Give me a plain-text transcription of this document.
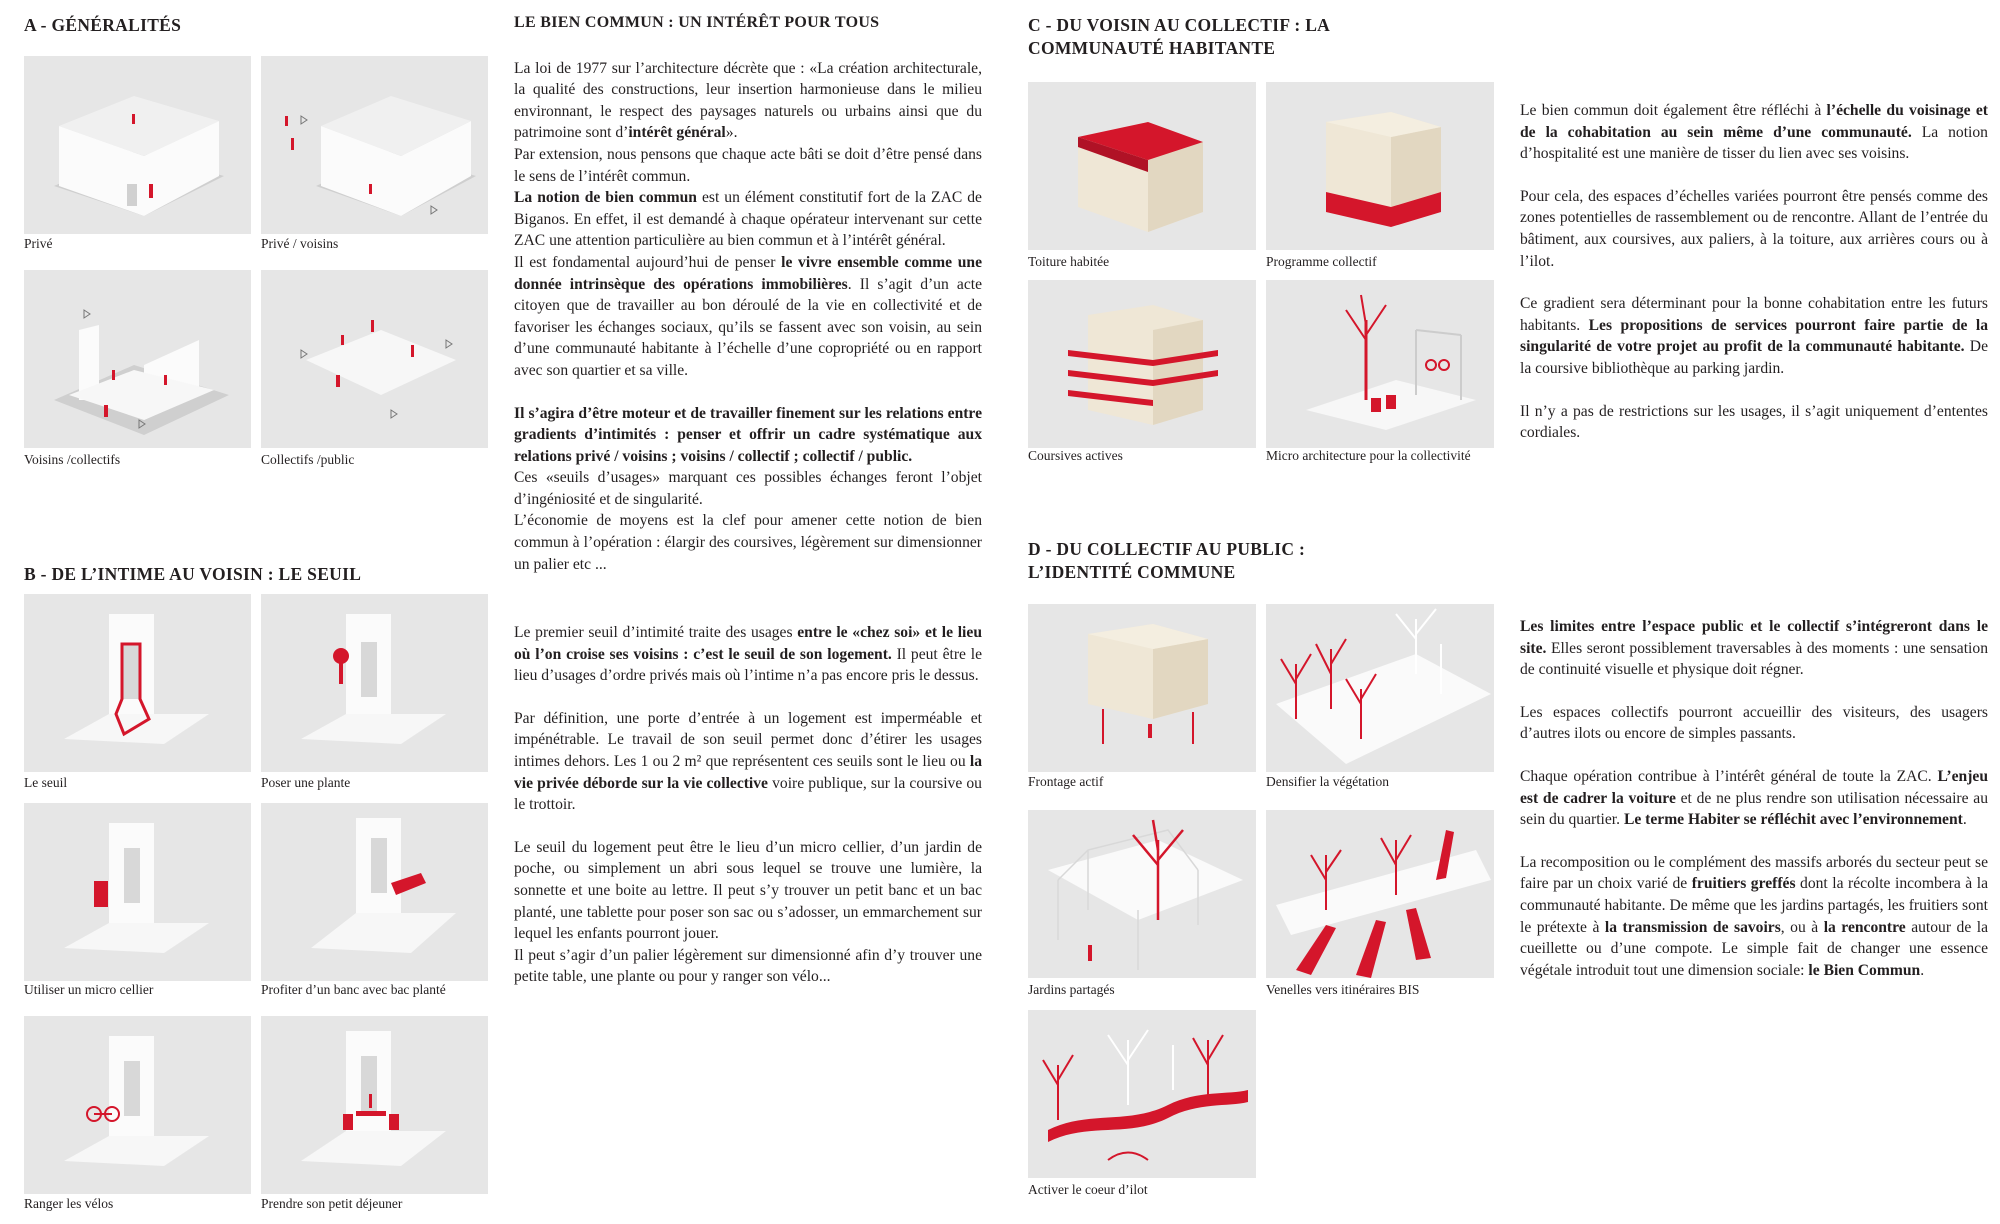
A - GÉNÉRALITÉS
Privé	Privé / voisins
Voisins /collectifs	Collectifs /public
B - DE L’INTIME AU VOISIN : LE SEUIL
Le seuil	Poser une plante
Utiliser un micro cellier	Profiter d’un banc avec bac planté
Ranger les vélos	Prendre son petit déjeuner
LE BIEN COMMUN : UN INTÉRÊT POUR TOUS

La loi de 1977 sur l’architecture décrète que : «La création architecturale, la qualité des constructions, leur insertion harmonieuse dans le milieu environnant, le respect des paysages naturels ou urbains ainsi que du patrimoine sont d’intérêt général».

Par extension, nous pensons que chaque acte bâti se doit d’être pensé dans le sens de l’intérêt commun.

La notion de bien commun est un élément constitutif fort de la ZAC de Biganos. En effet, il est demandé à chaque opérateur intervenant sur cette ZAC une attention particulière au bien commun et à l’intérêt général.

Il est fondamental aujourd’hui de penser le vivre ensemble comme une donnée intrinsèque des opérations immobilières. Il s’agit d’un acte citoyen que de travailler au bon déroulé de la vie en collectivité et de favoriser les échanges sociaux, qu’ils se fassent avec son voisin, au sein d’une communauté habitante à l’échelle d’une copropriété ou en rapport avec son quartier et sa ville.

Il s’agira d’être moteur et de travailler finement sur les relations entre gradients d’intimités : penser et offrir un cadre systématique aux relations privé / voisins ; voisins / collectif ; collectif / public.

Ces «seuils d’usages» marquant ces possibles échanges feront l’objet d’ingéniosité et de singularité.

L’économie de moyens est la clef pour amener cette notion de bien commun à l’opération : élargir des coursives, légèrement sur dimensionner un palier etc ...

Le premier seuil d’intimité traite des usages entre le «chez soi» et le lieu où l’on croise ses voisins : c’est le seuil de son logement. Il peut être le lieu d’usages d’ordre privés mais où l’intime n’a pas encore pris le dessus.

Par définition, une porte d’entrée à un logement est imperméable et impénétrable. Le travail de son seuil permet donc d’étirer les usages intimes dehors. Les 1 ou 2 m² que représentent ces seuils sont le lieu ou la vie privée déborde sur la vie collective voire publique, sur la coursive ou le trottoir.

Le seuil du logement peut être le lieu d’un micro cellier, d’un jardin de poche, ou simplement un abri sous lequel se trouve une lumière, la sonnette et une boite au lettre. Il peut s’y trouver un petit banc et un bac planté, une tablette pour poser son sac ou s’adosser, un emmarchement sur lequel les enfants pourront jouer.

Il peut s’agir d’un palier légèrement sur dimensionné afin d’y trouver une petite table, une plante ou pour y ranger son vélo...

C - DU VOISIN AU COLLECTIF : LA COMMUNAUTÉ HABITANTE
Toiture habitée	Programme collectif
Coursives actives	Micro architecture pour la collectivité

Le bien commun doit également être réfléchi à l’échelle du voisinage et de la cohabitation au sein même d’une communauté. La notion d’hospitalité est une manière de tisser du lien avec ses voisins.

Pour cela, des espaces d’échelles variées pourront être pensés comme des zones potentielles de rassemblement ou de rencontre. Allant de l’entrée du bâtiment, aux coursives, aux paliers, à la toiture, aux arrières cours ou à l’ilot.

Ce gradient sera déterminant pour la bonne cohabitation entre les futurs habitants. Les propositions de services pourront faire partie de la singularité de votre projet au profit de la communauté habitante. De la coursive bibliothèque au parking jardin.

Il n’y a pas de restrictions sur les usages, il s’agit uniquement d’ententes cordiales.

D - DU COLLECTIF AU PUBLIC : L’IDENTITÉ COMMUNE
Frontage actif	Densifier la végétation
Jardins partagés	Venelles vers itinéraires BIS
Activer le coeur d’ilot

Les limites entre l’espace public et le collectif s’intégreront dans le site. Elles seront possiblement traversables à des moments : une sensation de continuité visuelle et physique doit régner.

Les espaces collectifs pourront accueillir des visiteurs, des usagers d’autres ilots ou encore de simples passants.

Chaque opération contribue à l’intérêt général de toute la ZAC. L’enjeu est de cadrer la voiture et de ne plus rendre son utilisation nécessaire au sein du quartier. Le terme Habiter se réfléchit avec l’environnement.

La recomposition ou le complément des massifs arborés du secteur peut se faire par un choix varié de fruitiers greffés dont la récolte incombera à la communauté habitante. De même que les jardins partagés, les fruitiers sont le prétexte à la transmission de savoirs, ou à la rencontre autour de la cueillette ou d’une compote. Le simple fait de changer une essence végétale introduit tout une dimension sociale: le Bien Commun.
